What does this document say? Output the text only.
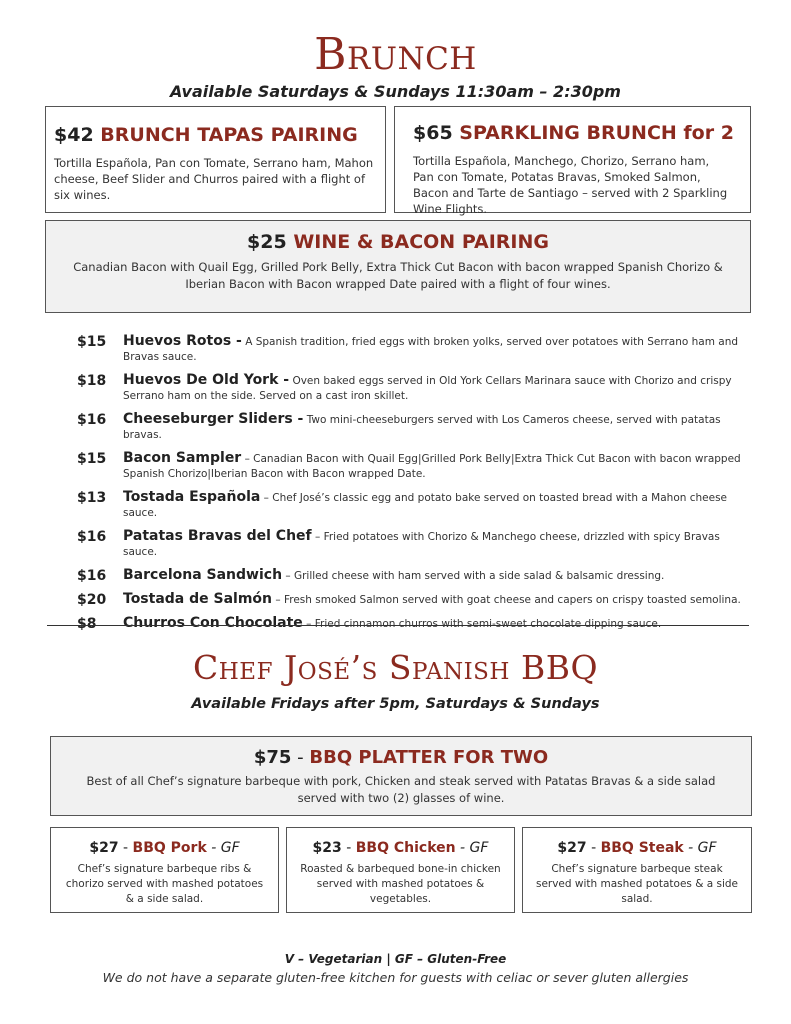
Brunch
Available Saturdays & Sundays 11:30am – 2:30pm
$42 BRUNCH TAPAS PAIRING
Tortilla Española, Pan con Tomate, Serrano ham, Mahon cheese, Beef Slider and Churros paired with a flight of six wines.
$65 SPARKLING BRUNCH for 2
Tortilla Española, Manchego, Chorizo, Serrano ham, Pan con Tomate, Potatas Bravas, Smoked Salmon, Bacon and Tarte de Santiago – served with 2 Sparkling Wine Flights.
$25 WINE & BACON PAIRING
Canadian Bacon with Quail Egg, Grilled Pork Belly, Extra Thick Cut Bacon with bacon wrapped Spanish Chorizo & Iberian Bacon with Bacon wrapped Date paired with a flight of four wines.
$15	Huevos Rotos - A Spanish tradition, fried eggs with broken yolks, served over potatoes with Serrano ham and Bravas sauce.
$18	Huevos De Old York - Oven baked eggs served in Old York Cellars Marinara sauce with Chorizo and crispy Serrano ham on the side. Served on a cast iron skillet.
$16	Cheeseburger Sliders - Two mini-cheeseburgers served with Los Cameros cheese, served with patatas bravas.
$15	Bacon Sampler – Canadian Bacon with Quail Egg|Grilled Pork Belly|Extra Thick Cut Bacon with bacon wrapped Spanish Chorizo|Iberian Bacon with Bacon wrapped Date.
$13	Tostada Española – Chef José’s classic egg and potato bake served on toasted bread with a Mahon cheese sauce.
$16	Patatas Bravas del Chef – Fried potatoes with Chorizo & Manchego cheese, drizzled with spicy Bravas sauce.
$16	Barcelona Sandwich – Grilled cheese with ham served with a side salad & balsamic dressing.
$20	Tostada de Salmón – Fresh smoked Salmon served with goat cheese and capers on crispy toasted semolina.
$8	Churros Con Chocolate – Fried cinnamon churros with semi-sweet chocolate dipping sauce.
Chef José’s Spanish BBQ
Available Fridays after 5pm, Saturdays & Sundays
$75 - BBQ PLATTER FOR TWO
Best of all Chef’s signature barbeque with pork, Chicken and steak served with Patatas Bravas & a side salad served with two (2) glasses of wine.
$27 - BBQ Pork - GF
Chef’s signature barbeque ribs & chorizo served with mashed potatoes & a side salad.
$23 - BBQ Chicken - GF
Roasted & barbequed bone-in chicken served with mashed potatoes & vegetables.
$27 - BBQ Steak - GF
Chef’s signature barbeque steak served with mashed potatoes & a side salad.
V – Vegetarian | GF – Gluten-Free
We do not have a separate gluten-free kitchen for guests with celiac or sever gluten allergies
